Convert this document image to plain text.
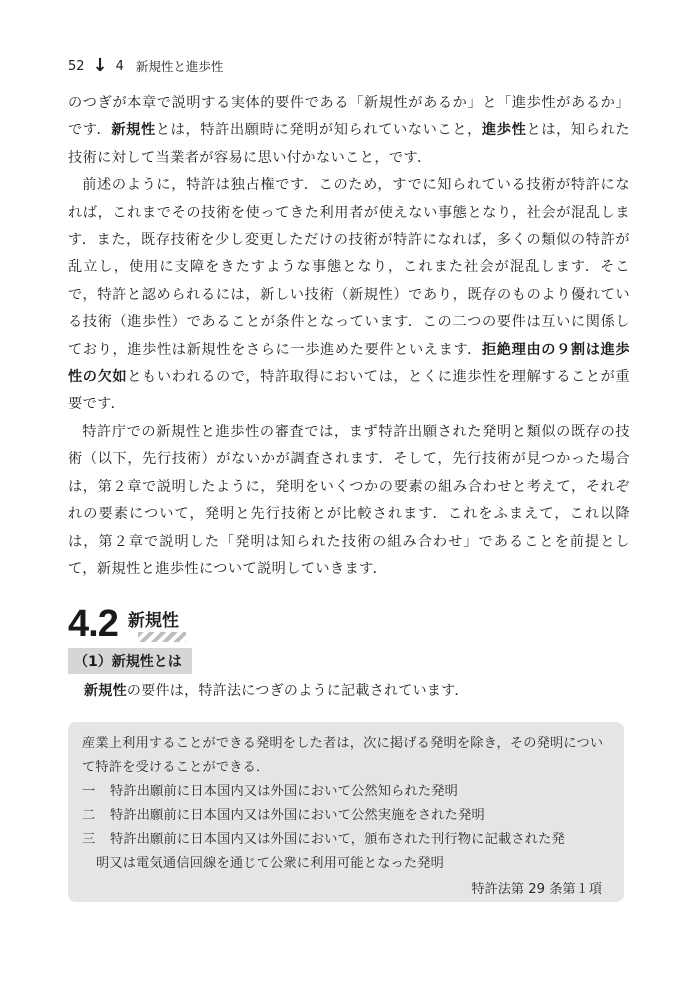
52 ↓ 4 新規性と進歩性

のつぎが本章で説明する実体的要件である「新規性があるか」と「進歩性があるか」です．新規性とは，特許出願時に発明が知られていないこと，進歩性とは，知られた技術に対して当業者が容易に思い付かないこと，です．

前述のように，特許は独占権です．このため，すでに知られている技術が特許になれば，これまでその技術を使ってきた利用者が使えない事態となり，社会が混乱します．また，既存技術を少し変更しただけの技術が特許になれば，多くの類似の特許が乱立し，使用に支障をきたすような事態となり，これまた社会が混乱します．そこで，特許と認められるには，新しい技術（新規性）であり，既存のものより優れている技術（進歩性）であることが条件となっています．この二つの要件は互いに関係しており，進歩性は新規性をさらに一歩進めた要件といえます．拒絶理由の９割は進歩性の欠如ともいわれるので，特許取得においては，とくに進歩性を理解することが重要です．

特許庁での新規性と進歩性の審査では，まず特許出願された発明と類似の既存の技術（以下，先行技術）がないかが調査されます．そして，先行技術が見つかった場合は，第２章で説明したように，発明をいくつかの要素の組み合わせと考えて，それぞれの要素について，発明と先行技術とが比較されます．これをふまえて，これ以降は，第２章で説明した「発明は知られた技術の組み合わせ」であることを前提として，新規性と進歩性について説明していきます．

4.2 新規性
（1）新規性とは
新規性の要件は，特許法につぎのように記載されています．
産業上利用することができる発明をした者は，次に掲げる発明を除き，その発明について特許を受けることができる．
一	特許出願前に日本国内又は外国において公然知られた発明
二	特許出願前に日本国内又は外国において公然実施をされた発明
三	特許出願前に日本国内又は外国において，頒布された刊行物に記載された発
明又は電気通信回線を通じて公衆に利用可能となった発明
特許法第 29 条第１項
